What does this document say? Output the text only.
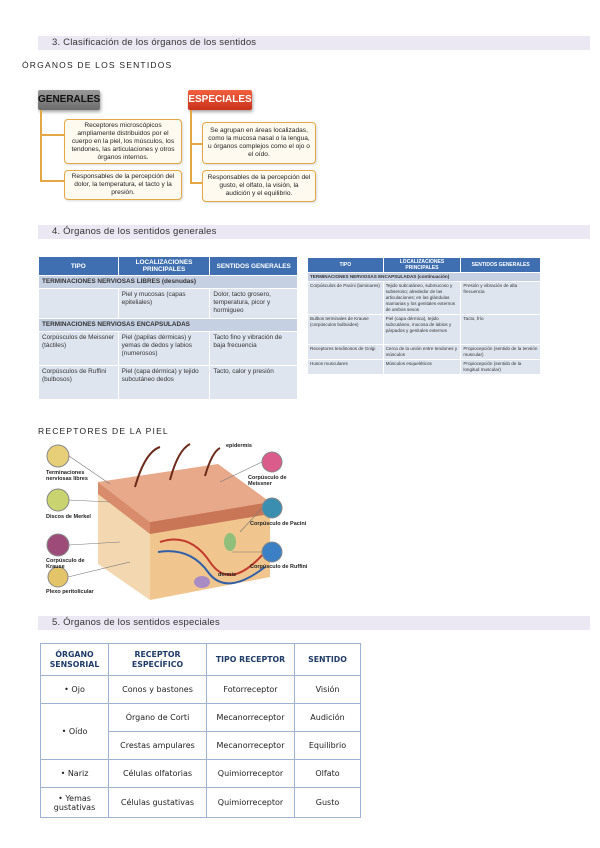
3. Clasificación de los órganos de los sentidos
ÓRGANOS DE LOS SENTIDOS
GENERALES	ESPECIALES
Receptores microscópicos ampliamente distribuidos por el cuerpo en la piel, los músculos, los tendones, las articulaciones y otros órganos internos.
Responsables de la percepción del dolor, la temperatura, el tacto y la presión.
Se agrupan en áreas localizadas, como la mucosa nasal o la lengua, u órganos complejos como el ojo o el oído.
Responsables de la percepción del gusto, el olfato, la visión, la audición y el equilibrio.
4. Órganos de los sentidos generales
TIPO	LOCALIZACIONES PRINCIPALES	SENTIDOS GENERALES
TERMINACIONES NERVIOSAS LIBRES (desnudas)		
	Piel y mucosas (capas epiteliales)	Dolor, tacto grosero, temperatura, picor y hormigueo
TERMINACIONES NERVIOSAS ENCAPSULADAS		
Corpúsculos de Meissner (táctiles)	Piel (papilas dérmicas) y yemas de dedos y labios (numerosos)	Tacto fino y vibración de baja frecuencia
Corpúsculos de Ruffini (bulbosos)	Piel (capa dérmica) y tejido subcutáneo dedos	Tacto, calor y presión
TIPO	LOCALIZACIONES PRINCIPALES	SENTIDOS GENERALES
TERMINACIONES NERVIOSAS ENCAPSULADAS (continuación)		
Corpúsculos de Pacini (laminares)	Tejido subcutáneo, submucoso y subseroso; alrededor de las articulaciones; en las glándulas mamarias y los genitales externos de ambos sexos	Presión y vibración de alta frecuencia
Bulbos terminales de Krause (corpúsculos bulboides)	Piel (capa dérmica), tejido subcutáneo, mucosa de labios y párpados y genitales externos	Tacto, frío
Receptores tendinosos de Golgi	Cerca de la unión entre tendones y músculos	Propiocepción (sentido de la tensión muscular)
Husos musculares	Músculos esqueléticos	Propiocepción (sentido de la longitud muscular)
RECEPTORES DE LA PIEL
epidermis
Terminaciones nerviosas libres
Discos de Merkel
Corpúsculo de Krause
Plexo peritolicular
Corpúsculo de Meissner
Corpúsculo de Pacini
Corpúsculo de Ruffini
dermis
5. Órganos de los sentidos especiales
ÓRGANO SENSORIAL	RECEPTOR ESPECÍFICO	TIPO RECEPTOR	SENTIDO
• Ojo	Conos y bastones	Fotorreceptor	Visión
• Oído	Órgano de Corti	Mecanorreceptor	Audición
	Crestas ampulares	Mecanorreceptor	Equilibrio
• Nariz	Células olfatorias	Quimiorreceptor	Olfato
• Yemas gustativas	Células gustativas	Quimiorreceptor	Gusto
